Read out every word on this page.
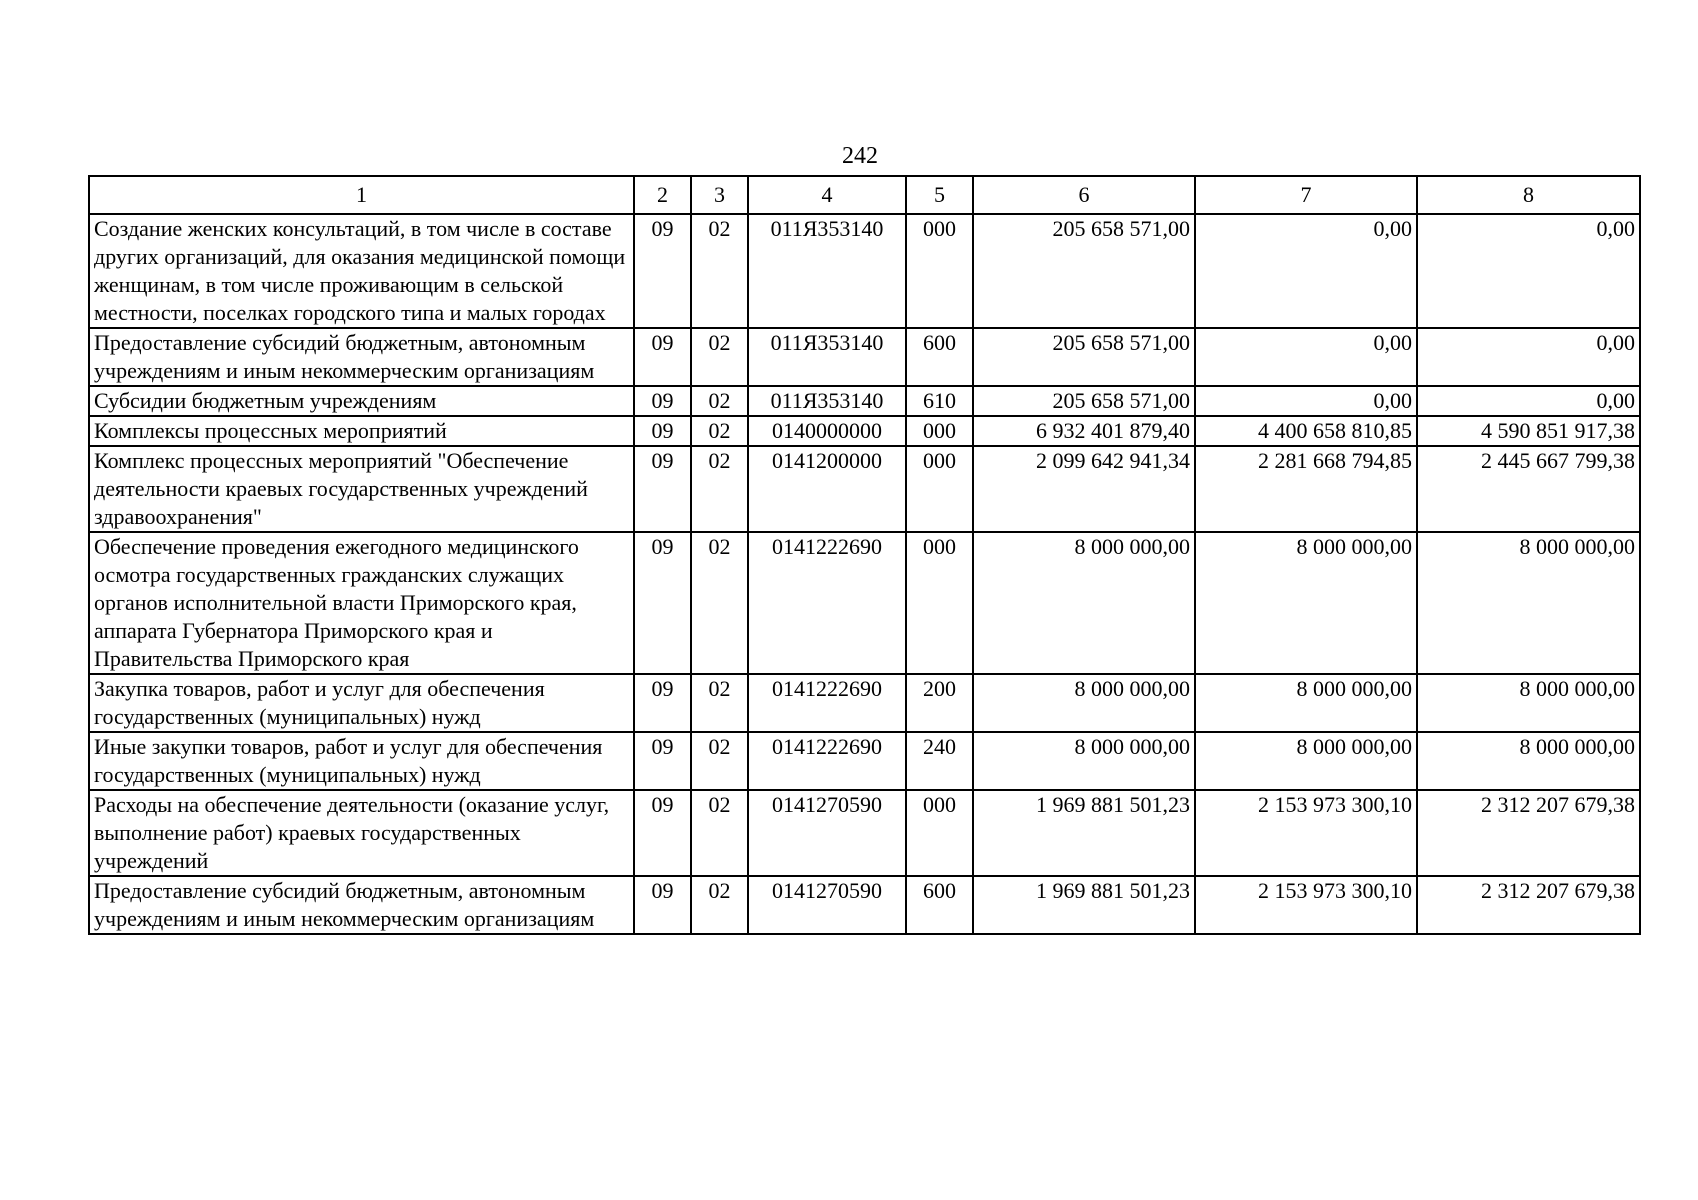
242
1	2	3	4	5	6	7	8
Создание женских консультаций, в том числе в составе других организаций, для оказания медицинской помощи женщинам, в том числе проживающим в сельской местности, поселках городского типа и малых городах	09	02	011Я353140	000	205 658 571,00	0,00	0,00
Предоставление субсидий бюджетным, автономным учреждениям и иным некоммерческим организациям	09	02	011Я353140	600	205 658 571,00	0,00	0,00
Субсидии бюджетным учреждениям	09	02	011Я353140	610	205 658 571,00	0,00	0,00
Комплексы процессных мероприятий	09	02	0140000000	000	6 932 401 879,40	4 400 658 810,85	4 590 851 917,38
Комплекс процессных мероприятий "Обеспечение деятельности краевых государственных учреждений здравоохранения"	09	02	0141200000	000	2 099 642 941,34	2 281 668 794,85	2 445 667 799,38
Обеспечение проведения ежегодного медицинского осмотра государственных гражданских служащих органов исполнительной власти Приморского края, аппарата Губернатора Приморского края и Правительства Приморского края	09	02	0141222690	000	8 000 000,00	8 000 000,00	8 000 000,00
Закупка товаров, работ и услуг для обеспечения государственных (муниципальных) нужд	09	02	0141222690	200	8 000 000,00	8 000 000,00	8 000 000,00
Иные закупки товаров, работ и услуг для обеспечения государственных (муниципальных) нужд	09	02	0141222690	240	8 000 000,00	8 000 000,00	8 000 000,00
Расходы на обеспечение деятельности (оказание услуг, выполнение работ) краевых государственных учреждений	09	02	0141270590	000	1 969 881 501,23	2 153 973 300,10	2 312 207 679,38
Предоставление субсидий бюджетным, автономным учреждениям и иным некоммерческим организациям	09	02	0141270590	600	1 969 881 501,23	2 153 973 300,10	2 312 207 679,38
